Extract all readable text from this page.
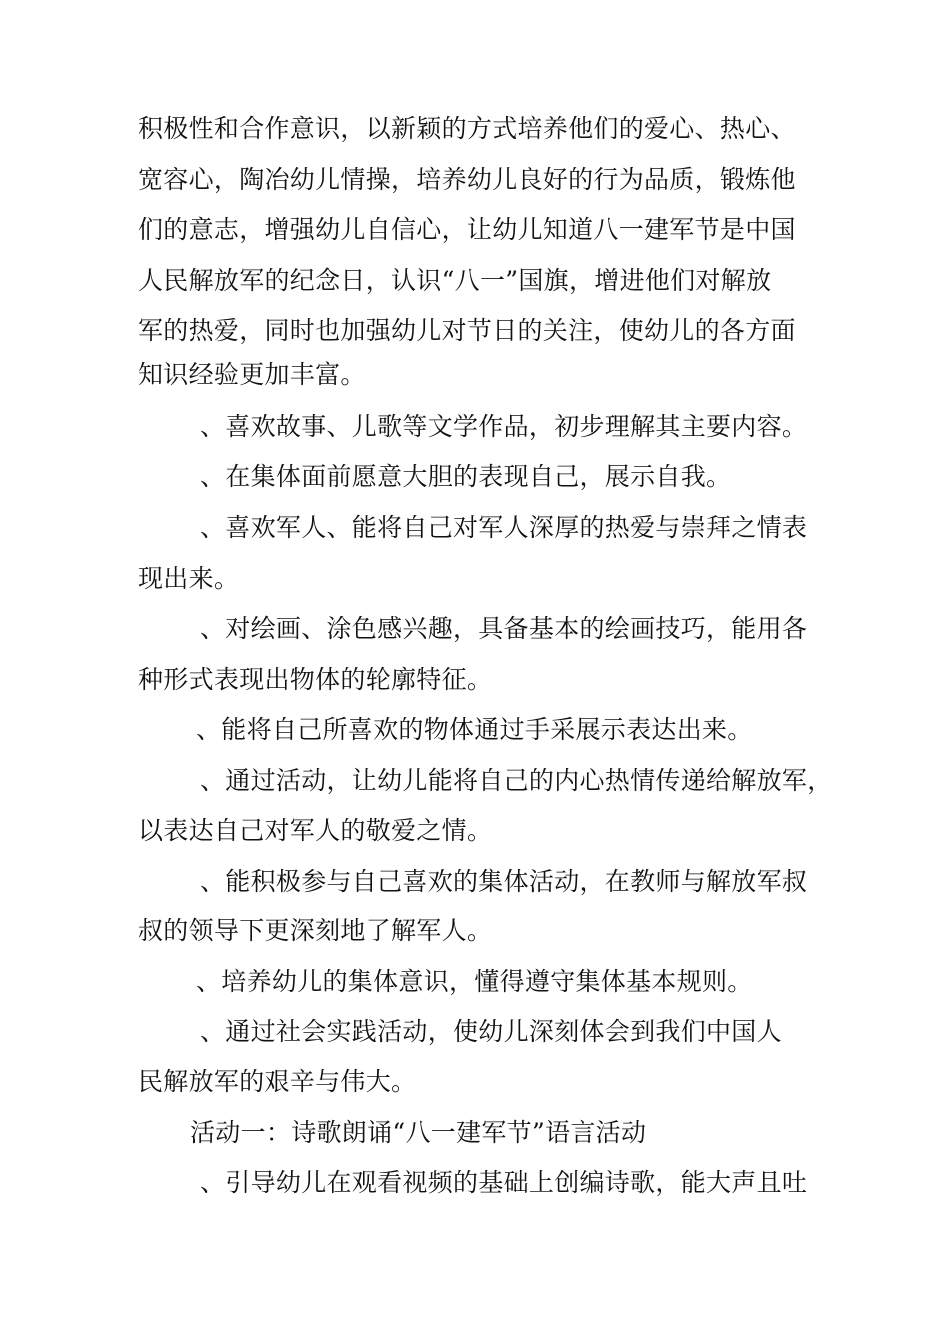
积极性和合作意识，以新颖的方式培养他们的爱心、热心、
宽容心，陶冶幼儿情操，培养幼儿良好的行为品质，锻炼他
们的意志，增强幼儿自信心，让幼儿知道八一建军节是中国
人民解放军的纪念日，认识“八一”国旗，增进他们对解放
军的热爱，同时也加强幼儿对节日的关注，使幼儿的各方面
知识经验更加丰富。
、喜欢故事、儿歌等文学作品，初步理解其主要内容。
、在集体面前愿意大胆的表现自己，展示自我。
、喜欢军人、能将自己对军人深厚的热爱与崇拜之情表
现出来。
、对绘画、涂色感兴趣，具备基本的绘画技巧，能用各
种形式表现出物体的轮廓特征。
、能将自己所喜欢的物体通过手采展示表达出来。
、通过活动，让幼儿能将自己的内心热情传递给解放军，
以表达自己对军人的敬爱之情。
、能积极参与自己喜欢的集体活动，在教师与解放军叔
叔的领导下更深刻地了解军人。
、培养幼儿的集体意识，懂得遵守集体基本规则。
、通过社会实践活动，使幼儿深刻体会到我们中国人
民解放军的艰辛与伟大。
活动一：诗歌朗诵“八一建军节”语言活动
、引导幼儿在观看视频的基础上创编诗歌，能大声且吐
